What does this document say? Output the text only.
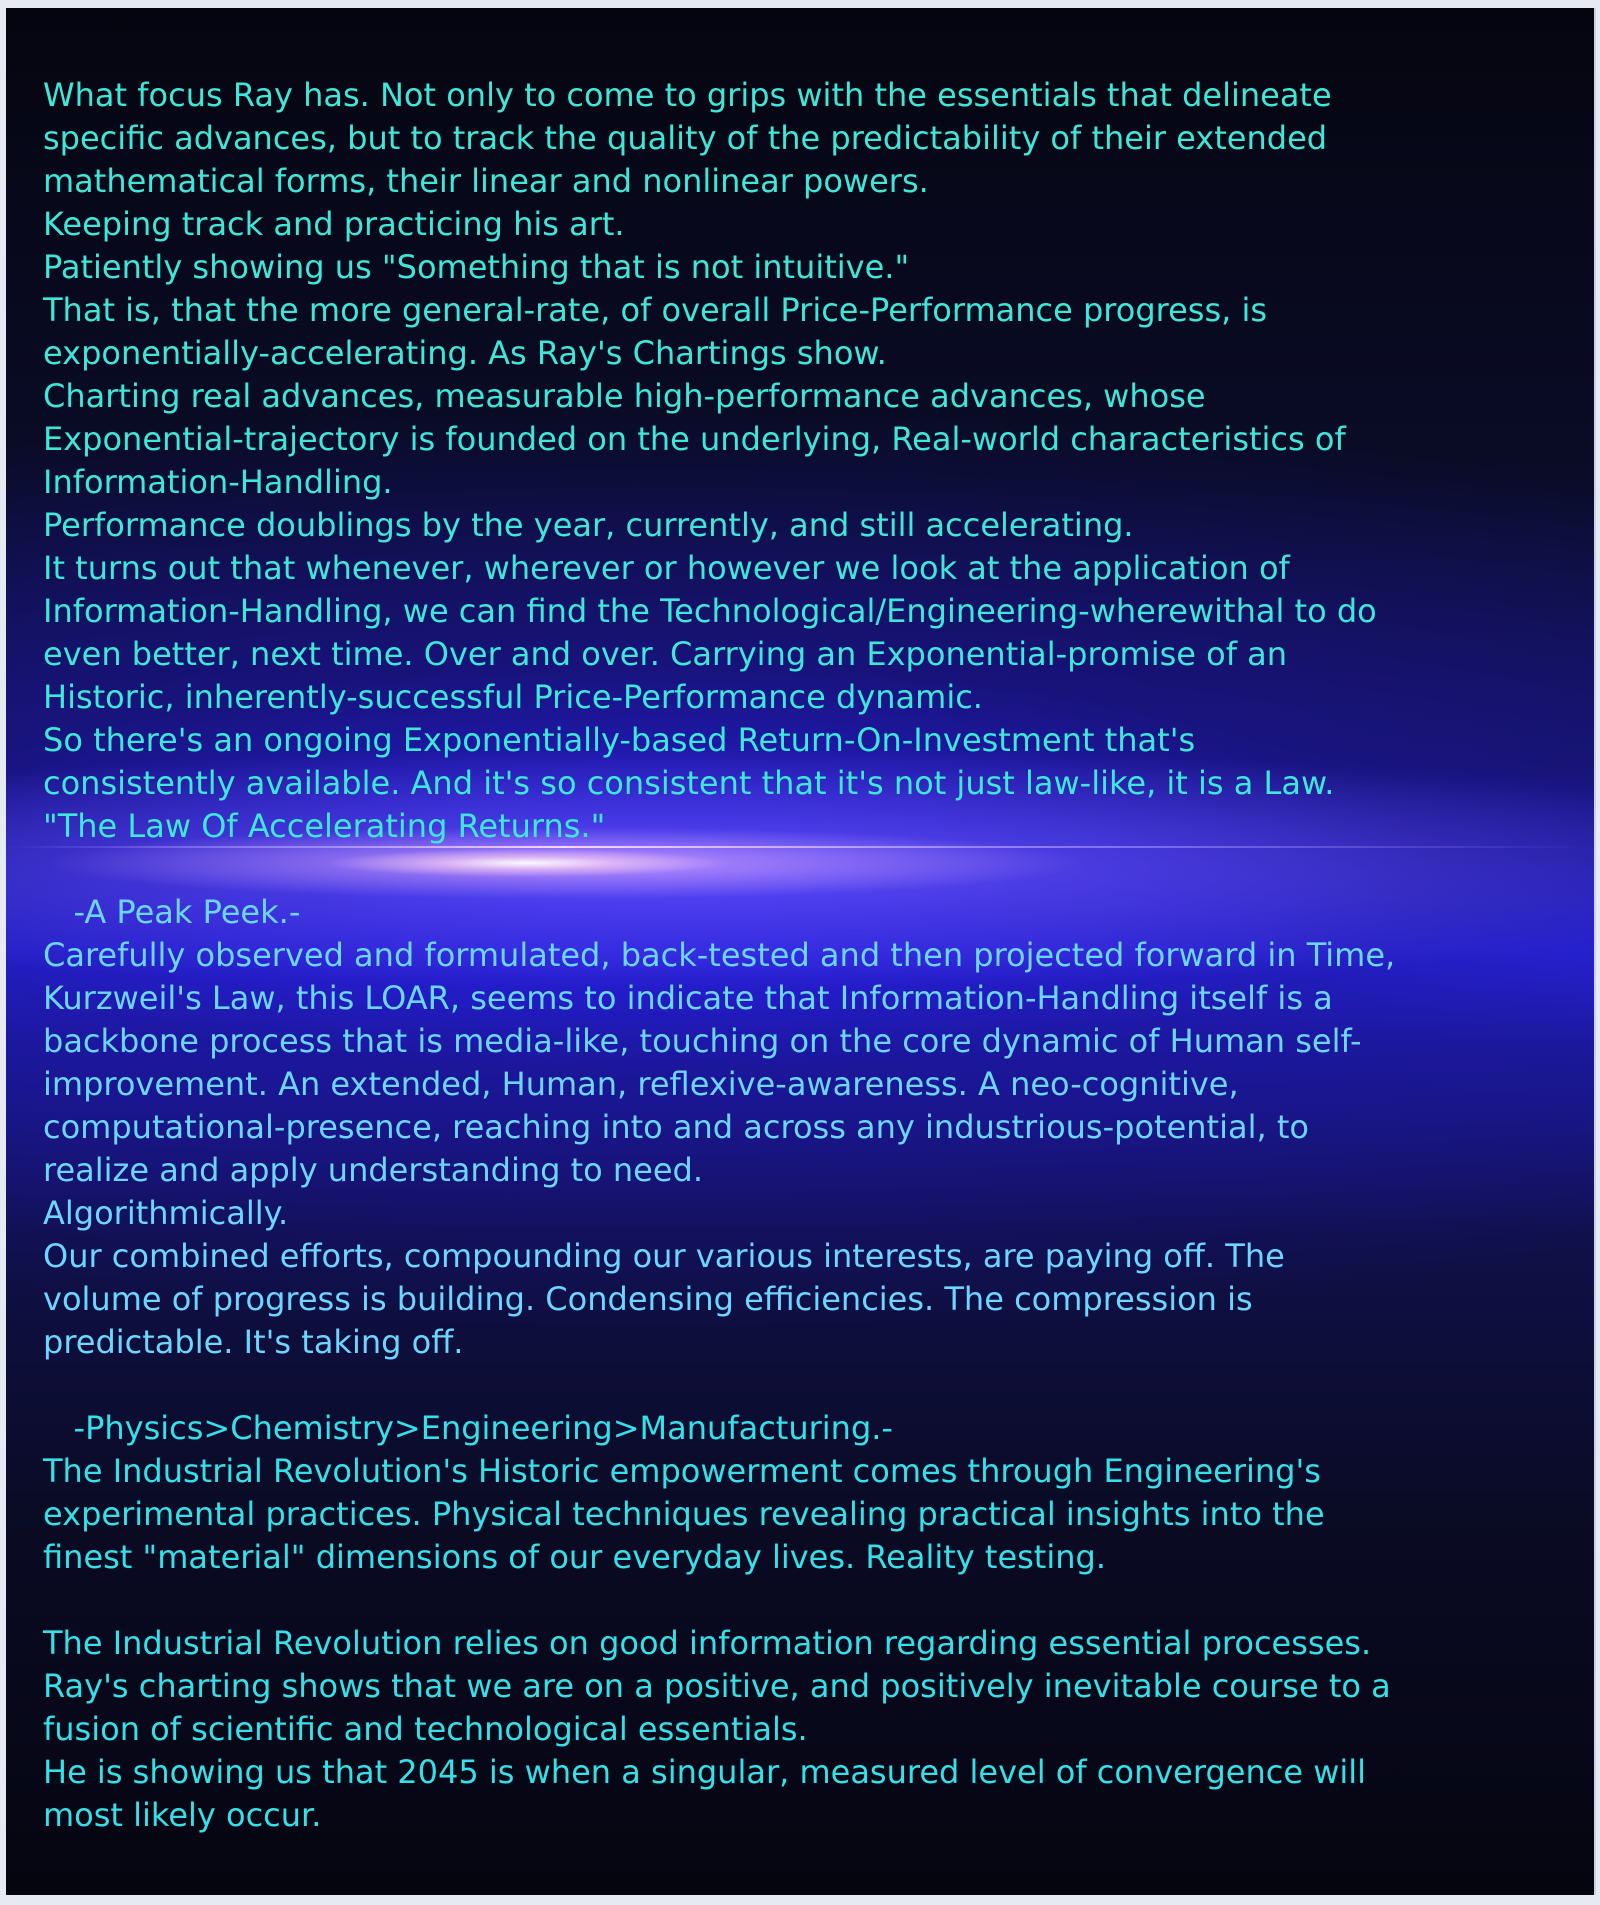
What focus Ray has. Not only to come to grips with the essentials that delineate

specific advances, but to track the quality of the predictability of their extended

mathematical forms, their linear and nonlinear powers.

Keeping track and practicing his art.

Patiently showing us "Something that is not intuitive."

That is, that the more general-rate, of overall Price-Performance progress, is

exponentially-accelerating. As Ray's Chartings show.

Charting real advances, measurable high-performance advances, whose

Exponential-trajectory is founded on the underlying, Real-world characteristics of

Information-Handling.

Performance doublings by the year, currently, and still accelerating.

It turns out that whenever, wherever or however we look at the application of

Information-Handling, we can find the Technological/Engineering-wherewithal to do

even better, next time. Over and over. Carrying an Exponential-promise of an

Historic, inherently-successful Price-Performance dynamic.

So there's an ongoing Exponentially-based Return-On-Investment that's

consistently available. And it's so consistent that it's not just law-like, it is a Law.

"The Law Of Accelerating Returns."

-A Peak Peek.-

Carefully observed and formulated, back-tested and then projected forward in Time,

Kurzweil's Law, this LOAR, seems to indicate that Information-Handling itself is a

backbone process that is media-like, touching on the core dynamic of Human self-

improvement. An extended, Human, reflexive-awareness. A neo-cognitive,

computational-presence, reaching into and across any industrious-potential, to

realize and apply understanding to need.

Algorithmically.

Our combined efforts, compounding our various interests, are paying off. The

volume of progress is building. Condensing efficiencies. The compression is

predictable. It's taking off.

-Physics>Chemistry>Engineering>Manufacturing.-

The Industrial Revolution's Historic empowerment comes through Engineering's

experimental practices. Physical techniques revealing practical insights into the

finest "material" dimensions of our everyday lives. Reality testing.

The Industrial Revolution relies on good information regarding essential processes.

Ray's charting shows that we are on a positive, and positively inevitable course to a

fusion of scientific and technological essentials.

He is showing us that 2045 is when a singular, measured level of convergence will

most likely occur.
